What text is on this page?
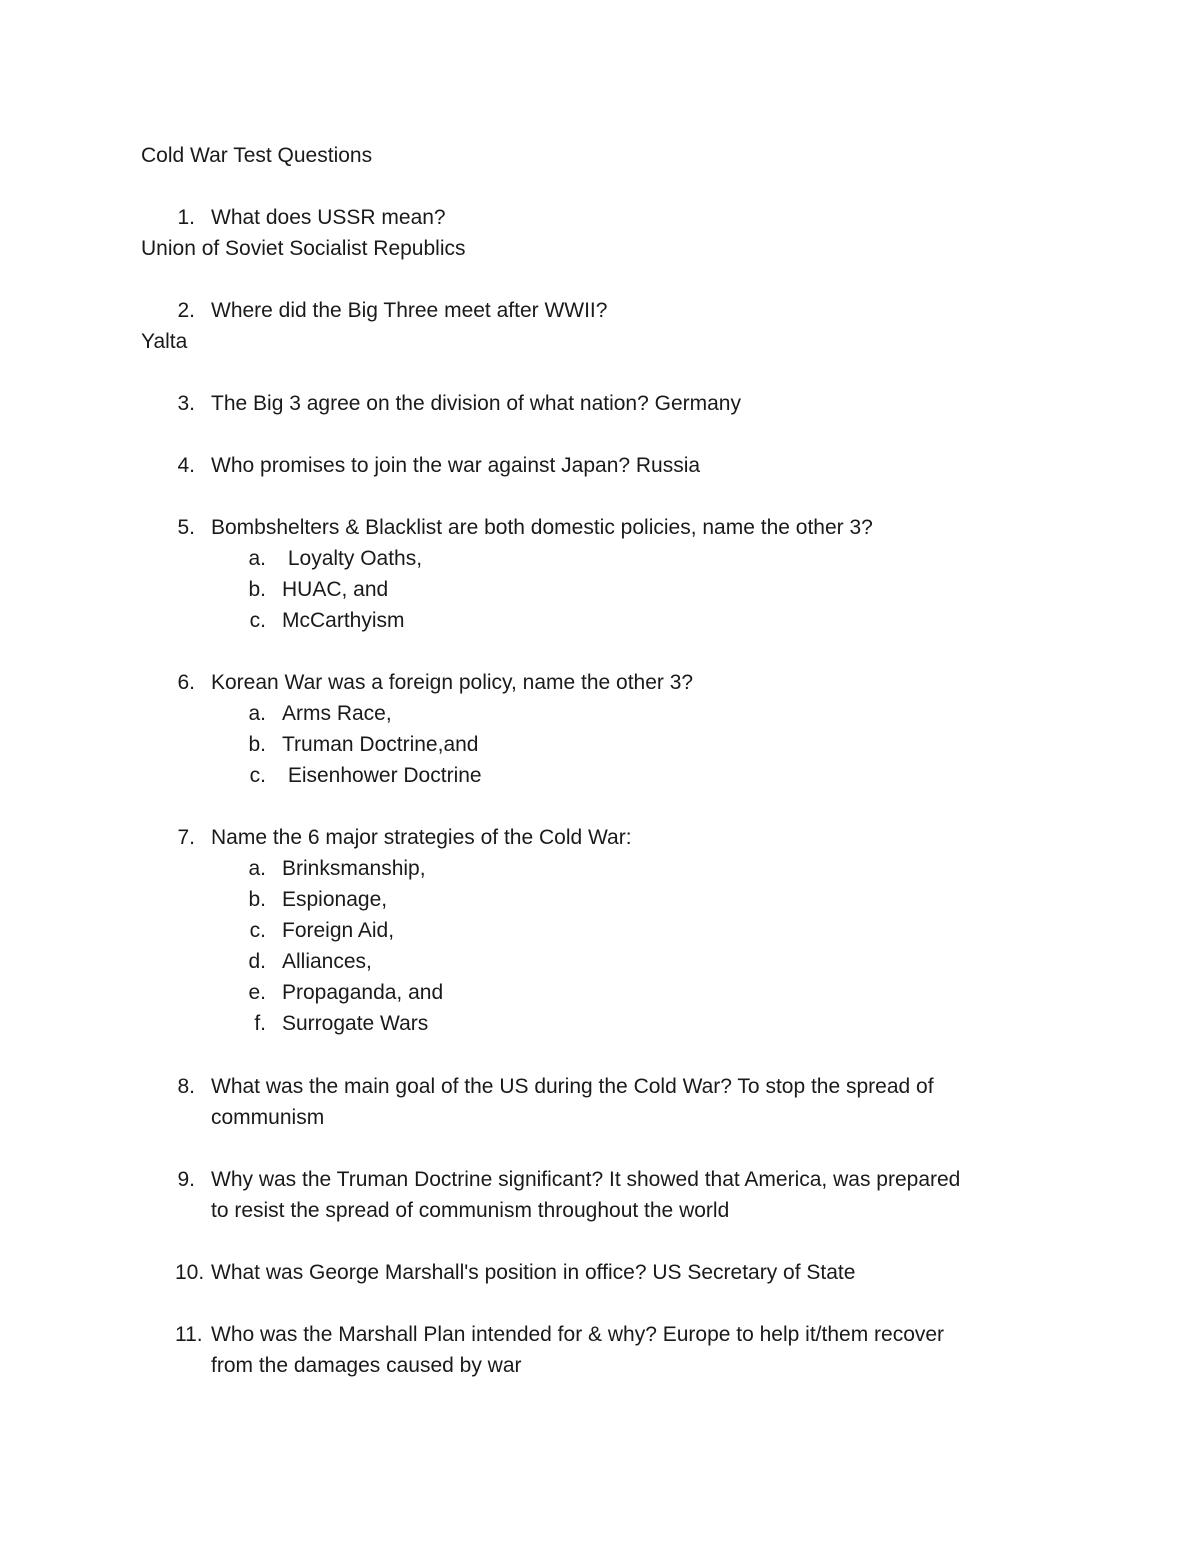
Cold War Test Questions
1. What does USSR mean?
Union of Soviet Socialist Republics
2. Where did the Big Three meet after WWII?
Yalta
3. The Big 3 agree on the division of what nation? Germany
4. Who promises to join the war against Japan? Russia
5. Bombshelters & Blacklist are both domestic policies, name the other 3?
a. Loyalty Oaths,
b. HUAC, and
c. McCarthyism
6. Korean War was a foreign policy, name the other 3?
a. Arms Race,
b. Truman Doctrine,and
c. Eisenhower Doctrine
7. Name the 6 major strategies of the Cold War:
a. Brinksmanship,
b. Espionage,
c. Foreign Aid,
d. Alliances,
e. Propaganda, and
f. Surrogate Wars
8. What was the main goal of the US during the Cold War? To stop the spread of
communism
9. Why was the Truman Doctrine significant? It showed that America, was prepared
to resist the spread of communism throughout the world
10. What was George Marshall's position in office? US Secretary of State
11. Who was the Marshall Plan intended for & why? Europe to help it/them recover
from the damages caused by war
